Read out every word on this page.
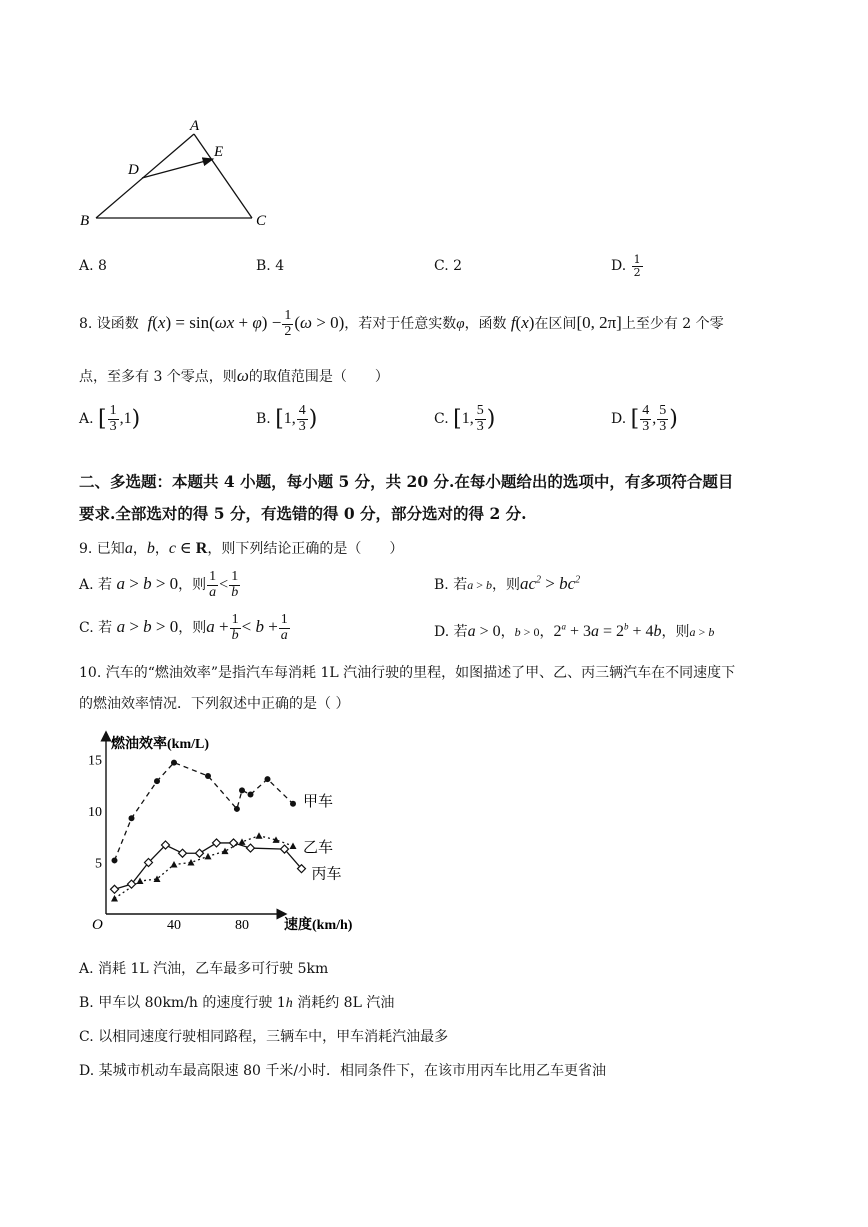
A
B	C
D
E
A. 8	B. 4	C. 2	D. $\frac{1}{2}$
8. 设函数  $f(x) = \sin(\omega x + \varphi) - \frac{1}{2} (\omega > 0)$，若对于任意实数φ，函数 f(x)在区间[0, 2π]上至少有 2 个零
点，至多有 3 个零点，则ω的取值范围是（　　）
A. [ $\frac{1}{3} ,1$)	B. [1, $\frac{4}{3}$ )	C. [1, $\frac{5}{3}$ )	D. [ $\frac{4}{3}$ , $\frac{5}{3}$ )
二、多选题：本题共 4 小题，每小题 5 分，共 20 分.在每小题给出的选项中，有多项符合题目
要求.全部选对的得 5 分，有选错的得 0 分，部分选对的得 2 分.
9. 已知a，b，c ∈ R，则下列结论正确的是（　　）
A. 若 a > b > 0，则 $\frac{1}{a} < \frac{1}{b}$	B. 若a > b，则$ac^2 > bc^2$
C. 若 a > b > 0，则$a + \frac{1}{b} < b + \frac{1}{a}$	D. 若a > 0，b > 0，$2^a + 3a = 2^b + 4b$，则a > b
10. 汽车的“燃油效率”是指汽车每消耗 1L 汽油行驶的里程，如图描述了甲、乙、丙三辆汽车在不同速度下
的燃油效率情况．下列叙述中正确的是（ ）
燃油效率(km/L)
速度(km/h)
O
5
10
15
40	80
甲车
乙车
丙车
A. 消耗 1L 汽油，乙车最多可行驶 5km
B. 甲车以 80km/h 的速度行驶 1h 消耗约 8L 汽油
C. 以相同速度行驶相同路程，三辆车中，甲车消耗汽油最多
D. 某城市机动车最高限速 80 千米/小时．相同条件下，在该市用丙车比用乙车更省油
